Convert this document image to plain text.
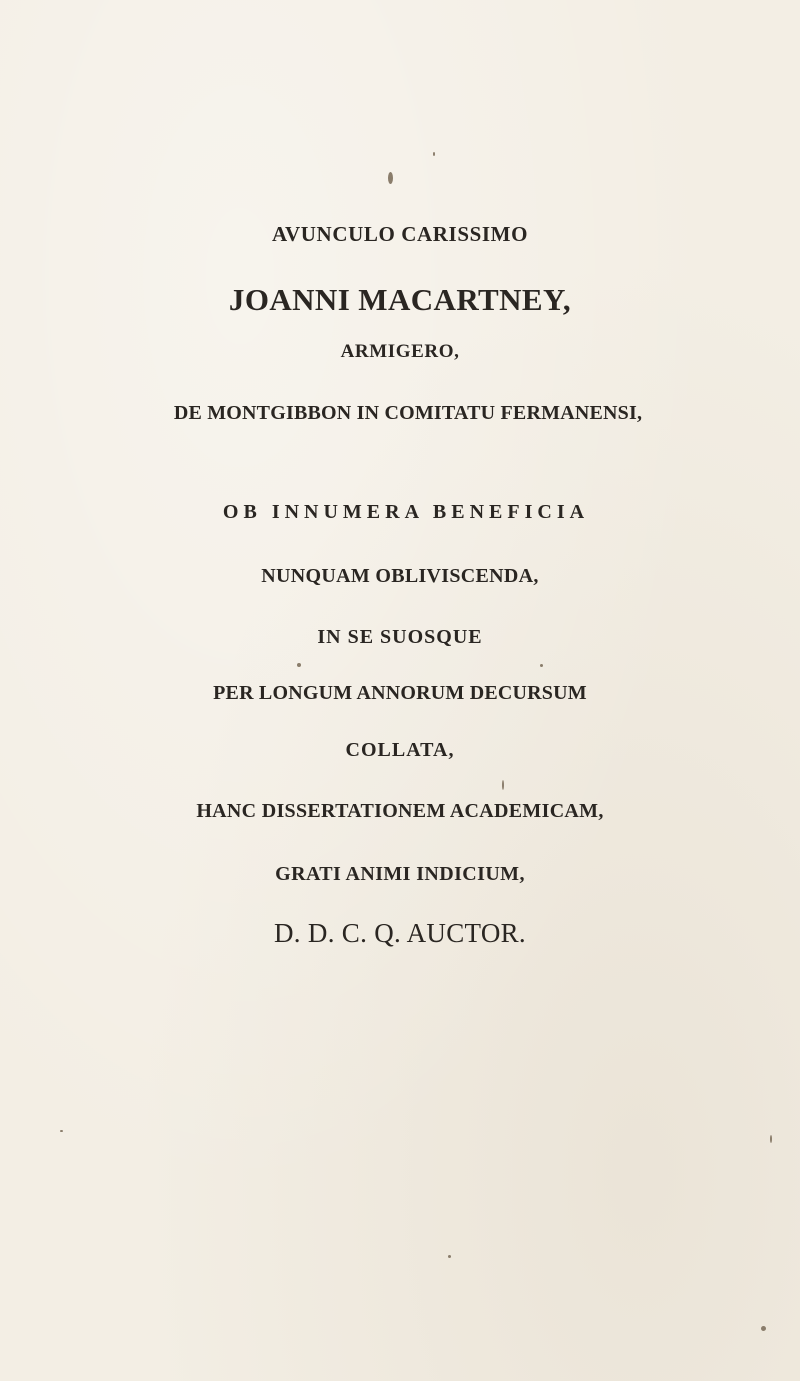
AVUNCULO CARISSIMO
JOANNI MACARTNEY,
ARMIGERO,
DE MONTGIBBON IN COMITATU FERMANENSI,
OB INNUMERA BENEFICIA
NUNQUAM OBLIVISCENDA,
IN SE SUOSQUE
PER LONGUM ANNORUM DECURSUM
COLLATA,
HANC DISSERTATIONEM ACADEMICAM,
GRATI ANIMI INDICIUM,
D. D. C. Q. AUCTOR.
